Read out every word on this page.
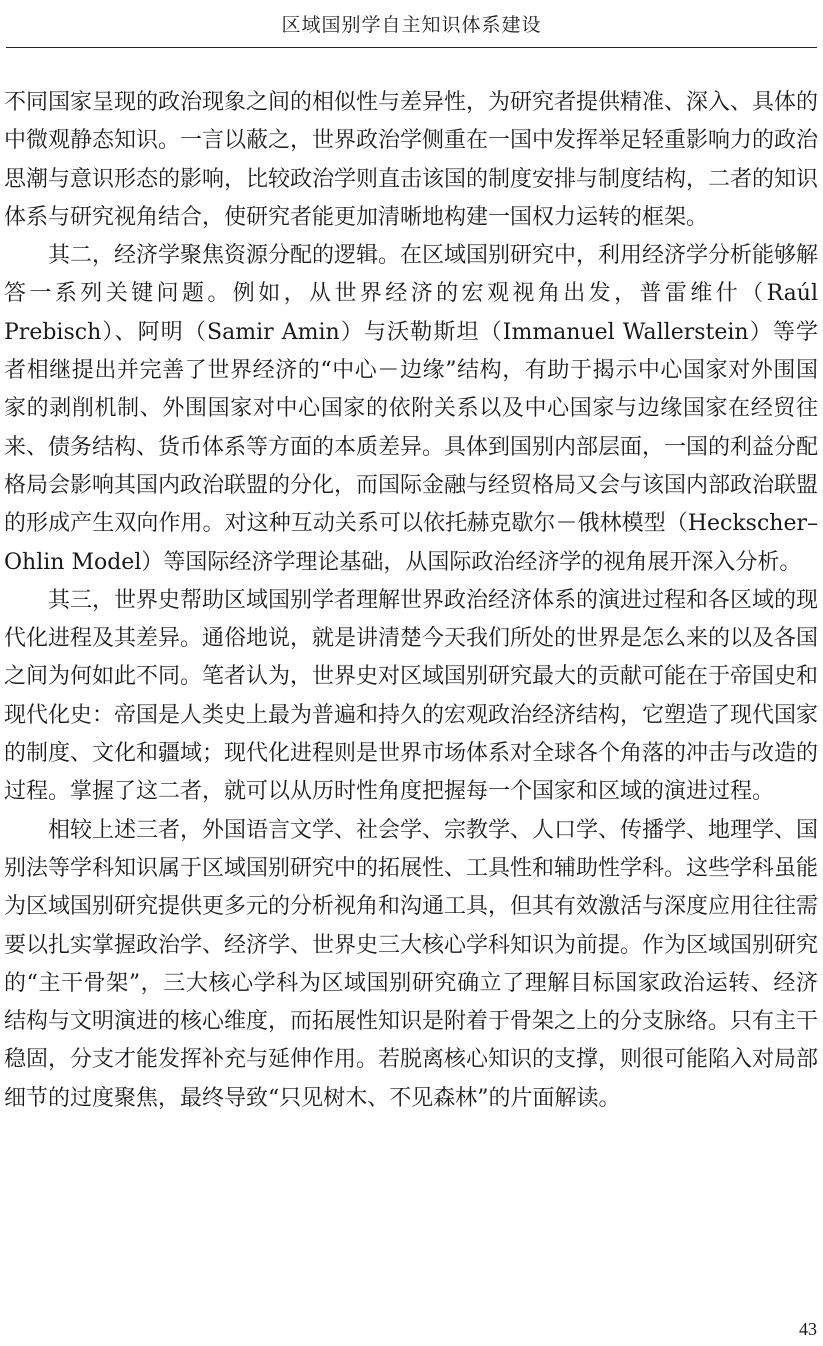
区域国别学自主知识体系建设

不同国家呈现的政治现象之间的相似性与差异性，为研究者提供精准、深入、具体的中微观静态知识。一言以蔽之，世界政治学侧重在一国中发挥举足轻重影响力的政治思潮与意识形态的影响，比较政治学则直击该国的制度安排与制度结构，二者的知识体系与研究视角结合，使研究者能更加清晰地构建一国权力运转的框架。

其二，经济学聚焦资源分配的逻辑。在区域国别研究中，利用经济学分析能够解答一系列关键问题。例如，从世界经济的宏观视角出发，普雷维什（Raúl Prebisch）、阿明（Samir Amin）与沃勒斯坦（Immanuel Wallerstein）等学者相继提出并完善了世界经济的“中心－边缘”结构，有助于揭示中心国家对外围国家的剥削机制、外围国家对中心国家的依附关系以及中心国家与边缘国家在经贸往来、债务结构、货币体系等方面的本质差异。具体到国别内部层面，一国的利益分配格局会影响其国内政治联盟的分化，而国际金融与经贸格局又会与该国内部政治联盟的形成产生双向作用。对这种互动关系可以依托赫克歇尔－俄林模型（Heckscher–Ohlin Model）等国际经济学理论基础，从国际政治经济学的视角展开深入分析。

其三，世界史帮助区域国别学者理解世界政治经济体系的演进过程和各区域的现代化进程及其差异。通俗地说，就是讲清楚今天我们所处的世界是怎么来的以及各国之间为何如此不同。笔者认为，世界史对区域国别研究最大的贡献可能在于帝国史和现代化史：帝国是人类史上最为普遍和持久的宏观政治经济结构，它塑造了现代国家的制度、文化和疆域；现代化进程则是世界市场体系对全球各个角落的冲击与改造的过程。掌握了这二者，就可以从历时性角度把握每一个国家和区域的演进过程。

相较上述三者，外国语言文学、社会学、宗教学、人口学、传播学、地理学、国别法等学科知识属于区域国别研究中的拓展性、工具性和辅助性学科。这些学科虽能为区域国别研究提供更多元的分析视角和沟通工具，但其有效激活与深度应用往往需要以扎实掌握政治学、经济学、世界史三大核心学科知识为前提。作为区域国别研究的“主干骨架”，三大核心学科为区域国别研究确立了理解目标国家政治运转、经济结构与文明演进的核心维度，而拓展性知识是附着于骨架之上的分支脉络。只有主干稳固，分支才能发挥补充与延伸作用。若脱离核心知识的支撑，则很可能陷入对局部细节的过度聚焦，最终导致“只见树木、不见森林”的片面解读。

43
